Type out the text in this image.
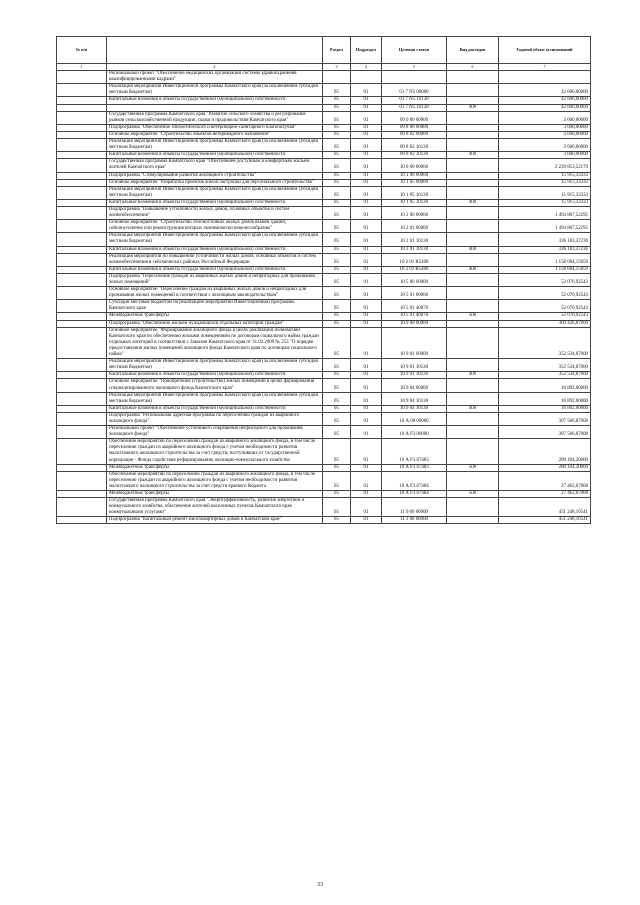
№ п/п		Раздел	Подраздел	Целевая статья	Вид расходов	Годовой объем ассигнований
1	2	3	4	5	6	7
	Региональный проект "Обеспечение медицинских организаций системы здравоохранения квалифицированными кадрами"					
	Реализация мероприятий Инвестиционной программы Камчатского края (за исключением субсидий местным бюджетам)	05	01	01 7 N5 00000		42 600,00000
	Капитальные вложения в объекты государственной (муниципальной) собственности	05	01	01 7 N5 10130		42 600,00000
		05	01	01 7 N5 10130	400	42 600,00000
	Государственная программа Камчатского края "Развитие сельского хозяйства и регулирование рынков сельскохозяйственной продукции, сырья и продовольствия Камчатского края"	05	01	09 0 00 00000		3 600,00000
	Подпрограмма "Обеспечение эпизоотического и ветеринарно-санитарного благополучия"	05	01	09 8 00 00000		3 600,00000
	Основное мероприятие "Строительство объектов ветеринарного назначения"	05	01	09 8 02 00000		3 600,00000
	Реализация мероприятий Инвестиционной программы Камчатского края (за исключением субсидий местным бюджетам)	05	01	09 8 02 10130		3 600,00000
	Капитальные вложения в объекты государственной (муниципальной) собственности	05	01	09 8 02 10130	400	3 600,00000
	Государственная программа Камчатского края "Обеспечение доступным и комфортным жильем жителей Камчатского края"	05	01	10 0 00 00000		2 239 853,52179
	Подпрограмма "Стимулирование развития жилищного строительства"	05	01	10 1 00 00000		15 915,33333
	Основное мероприятие "Разработка проектов жилой застройки для персонального строительства"	05	01	10 1 05 00000		15 915,33333
	Реализация мероприятий Инвестиционной программы Камчатского края (за исключением субсидий местным бюджетам)	05	01	10 1 05 10130		15 915,33333
	Капитальные вложения в объекты государственной (муниципальной) собственности	05	01	10 1 05 10130	400	15 915,33333
	Подпрограмма "Повышение устойчивости жилых домов, основных объектов и систем жизнеобеспечения"	05	01	10 2 00 00000		1 494 867,52295
	Основное мероприятие "Строительство сейсмостойких жилых домов взамен зданий, сейсмоусиление или реконструкция которых экономически нецелесообразны"	05	01	10 2 01 00000		1 494 867,52295
	Реализация мероприятий Инвестиционной программы Камчатского края (за исключением субсидий местным бюджетам)	05	01	10 2 01 10130		336 183,37236
	Капитальные вложения в объекты государственной (муниципальной) собственности	05	01	10 2 01 10130	400	336 183,37236
	Реализация мероприятий по повышению устойчивости жилых домов, основных объектов и систем жизнеобеспечения в сейсмических районах Российской Федерации	05	01	10 2 01 R5400		1 158 684,15059
	Капитальные вложения в объекты государственной (муниципальной) собственности	05	01	10 2 01 R5400	400	1 158 684,15059
	Подпрограмма "Переселение граждан из аварийных жилых домов и непригодных для проживания жилых помещений"	05	01	10 5 00 00000		52 076,92543
	Основное мероприятие "Переселение граждан из аварийных жилых домов и непригодных для проживания жилых помещений в соответствии с жилищным законодательством"	05	01	10 5 01 00000		52 076,92543
	Субсидии местным бюджетам на реализацию мероприятий Инвестиционной программы Камчатского края	05	01	10 5 01 40070		52 076,92543
	Межбюджетные трансферты	05	01	10 5 01 40070	500	52 076,92543
	Подпрограмма "Обеспечение жильем нуждающихся отдельных категорий граждан"	05	01	10 9 00 00000		369 426,87000
	Основное мероприятие "Формирование жилищного фонда в целях реализации полномочий Камчатского края по обеспечению жилыми помещениями по договорам социального найма граждан отдельных категорий в соответствии с Законом Камчатского края от 31.03.2009 № 253 "О порядке предоставления жилых помещений жилищного фонда Камчатского края по договорам социального найма"	05	01	10 9 01 00000		352 534,87000
	Реализация мероприятий Инвестиционной программы Камчатского края (за исключением субсидий местным бюджетам)	05	01	10 9 01 10130		352 534,87000
	Капитальные вложения в объекты государственной (муниципальной) собственности	05	01	10 9 01 10130	400	352 534,87000
	Основное мероприятие "Приобретение (строительство) жилых помещений в целях формирования специализированного жилищного фонда Камчатского края"	05	01	10 9 04 00000		16 892,00000
	Реализация мероприятий Инвестиционной программы Камчатского края (за исключением субсидий местным бюджетам)	05	01	10 9 04 10130		16 892,00000
	Капитальные вложения в объекты государственной (муниципальной) собственности	05	01	10 9 04 10130	400	16 892,00000
	Подпрограмма "Региональная адресная программа по переселению граждан из аварийного жилищного фонда"	05	01	10 А 00 00000		307 566,87008
	Региональный проект "Обеспечение устойчивого сокращения непригодного для проживания жилищного фонда"	05	01	10 А F3 00000		307 566,87008
	Обеспечение мероприятий по переселению граждан из аварийного жилищного фонда, в том числе переселению граждан из аварийного жилищного фонда с учетом необходимости развития малоэтажного жилищного строительства за счет средств, поступивших от государственной корпорации - Фонда содействия реформированию жилищно-коммунального хозяйства	05	01	10 А F3 67483		280 104,20000
	Межбюджетные трансферты	05	01	10 А F3 67483	500	280 104,20000
	Обеспечение мероприятий по переселению граждан из аварийного жилищного фонда, в том числе переселению граждан из аварийного жилищного фонда с учетом необходимости развития малоэтажного жилищного строительства за счет средств краевого бюджета	05	01	10 А F3 67484		27 462,67008
	Межбюджетные трансферты	05	01	10 А F3 67484	500	27 462,67008
	Государственная программа Камчатского края "Энергоэффективность, развитие энергетики и коммунального хозяйства, обеспечение жителей населенных пунктов Камчатского края коммунальными услугами"	05	01	11 0 00 00000		451 248,10541
	Подпрограмма "Капитальный ремонт многоквартирных домов в Камчатском крае"	05	01	11 3 00 00000		451 248,10541
33
